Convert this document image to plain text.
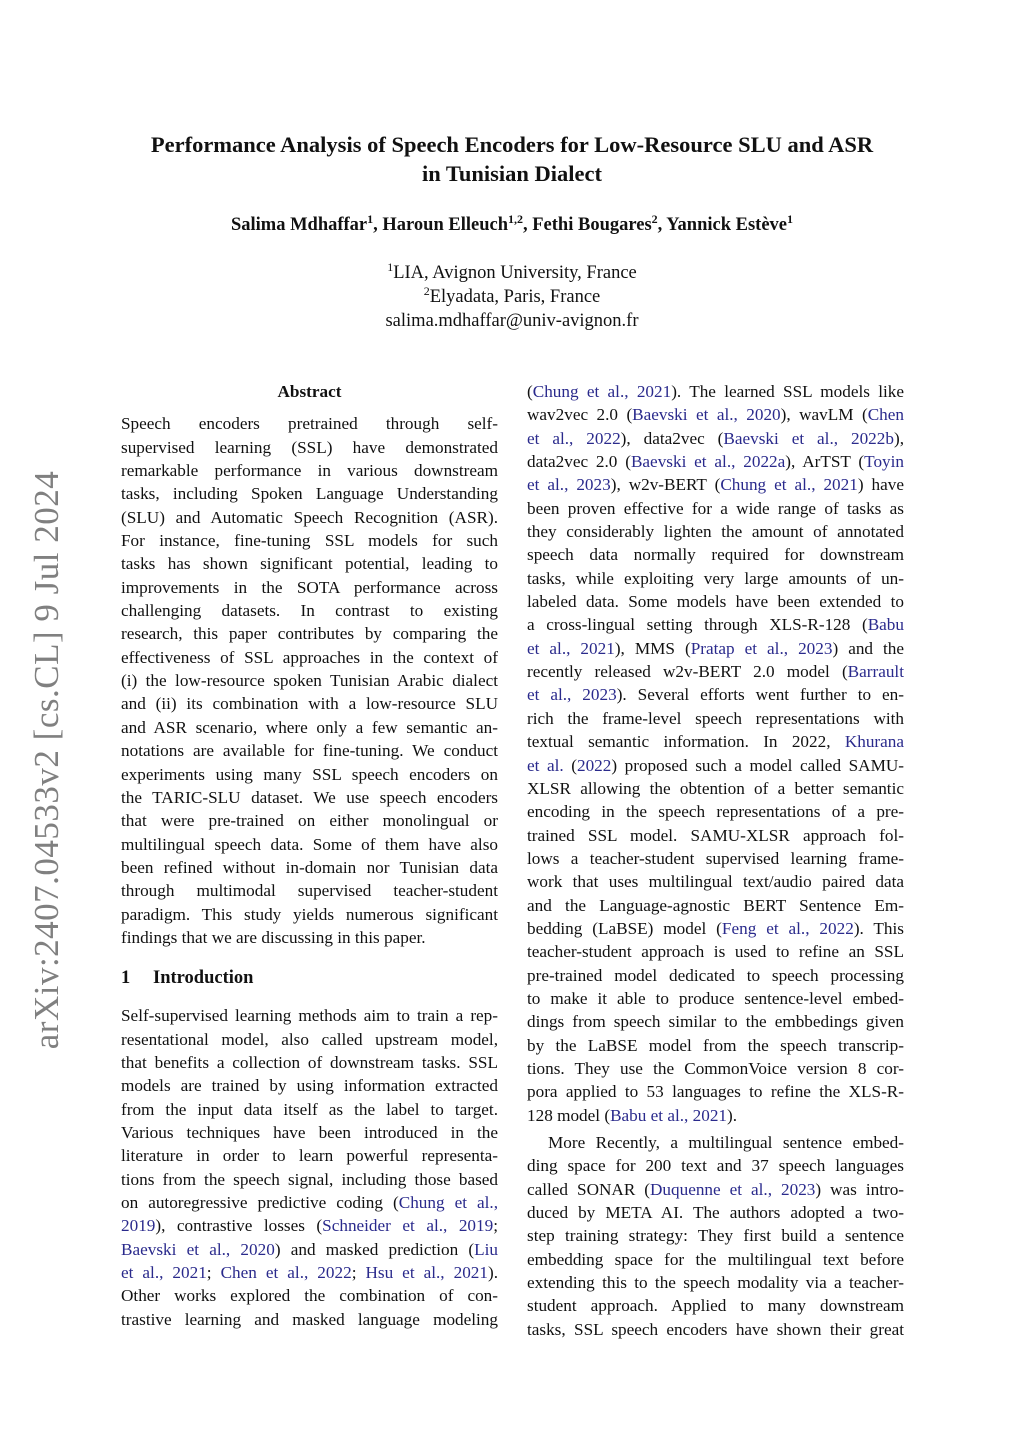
arXiv:2407.04533v2 [cs.CL] 9 Jul 2024
Performance Analysis of Speech Encoders for Low-Resource SLU and ASR
in Tunisian Dialect
Salima Mdhaffar$^1$, Haroun Elleuch$^{1,2}$, Fethi Bougares$^2$, Yannick Estève$^1$
$^1$LIA, Avignon University, France
$^2$Elyadata, Paris, France
salima.mdhaffar@univ-avignon.fr
Abstract
Speech encoders pretrained through self-
supervised learning (SSL) have demonstrated
remarkable performance in various downstream
tasks, including Spoken Language Understanding
(SLU) and Automatic Speech Recognition (ASR).
For instance, fine-tuning SSL models for such
tasks has shown significant potential, leading to
improvements in the SOTA performance across
challenging datasets. In contrast to existing
research, this paper contributes by comparing the
effectiveness of SSL approaches in the context of
(i) the low-resource spoken Tunisian Arabic dialect
and (ii) its combination with a low-resource SLU
and ASR scenario, where only a few semantic an-
notations are available for fine-tuning. We conduct
experiments using many SSL speech encoders on
the TARIC-SLU dataset. We use speech encoders
that were pre-trained on either monolingual or
multilingual speech data. Some of them have also
been refined without in-domain nor Tunisian data
through multimodal supervised teacher-student
paradigm. This study yields numerous significant
findings that we are discussing in this paper.
1 Introduction
Self-supervised learning methods aim to train a rep-
resentational model, also called upstream model,
that benefits a collection of downstream tasks. SSL
models are trained by using information extracted
from the input data itself as the label to target.
Various techniques have been introduced in the
literature in order to learn powerful representa-
tions from the speech signal, including those based
on autoregressive predictive coding (Chung et al.,
2019), contrastive losses (Schneider et al., 2019;
Baevski et al., 2020) and masked prediction (Liu
et al., 2021; Chen et al., 2022; Hsu et al., 2021).
Other works explored the combination of con-
trastive learning and masked language modeling
(Chung et al., 2021). The learned SSL models like
wav2vec 2.0 (Baevski et al., 2020), wavLM (Chen
et al., 2022), data2vec (Baevski et al., 2022b),
data2vec 2.0 (Baevski et al., 2022a), ArTST (Toyin
et al., 2023), w2v-BERT (Chung et al., 2021) have
been proven effective for a wide range of tasks as
they considerably lighten the amount of annotated
speech data normally required for downstream
tasks, while exploiting very large amounts of un-
labeled data. Some models have been extended to
a cross-lingual setting through XLS-R-128 (Babu
et al., 2021), MMS (Pratap et al., 2023) and the
recently released w2v-BERT 2.0 model (Barrault
et al., 2023). Several efforts went further to en-
rich the frame-level speech representations with
textual semantic information. In 2022, Khurana
et al. (2022) proposed such a model called SAMU-
XLSR allowing the obtention of a better semantic
encoding in the speech representations of a pre-
trained SSL model. SAMU-XLSR approach fol-
lows a teacher-student supervised learning frame-
work that uses multilingual text/audio paired data
and the Language-agnostic BERT Sentence Em-
bedding (LaBSE) model (Feng et al., 2022). This
teacher-student approach is used to refine an SSL
pre-trained model dedicated to speech processing
to make it able to produce sentence-level embed-
dings from speech similar to the embbedings given
by the LaBSE model from the speech transcrip-
tions. They use the CommonVoice version 8 cor-
pora applied to 53 languages to refine the XLS-R-
128 model (Babu et al., 2021).
More Recently, a multilingual sentence embed-
ding space for 200 text and 37 speech languages
called SONAR (Duquenne et al., 2023) was intro-
duced by META AI. The authors adopted a two-
step training strategy: They first build a sentence
embedding space for the multilingual text before
extending this to the speech modality via a teacher-
student approach. Applied to many downstream
tasks, SSL speech encoders have shown their great
